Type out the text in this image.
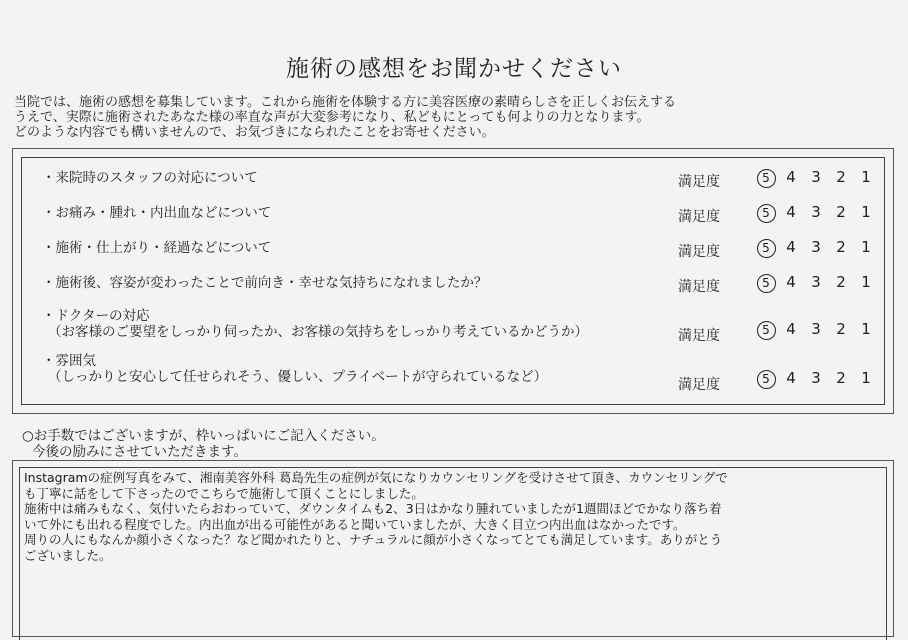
施術の感想をお聞かせください
当院では、施術の感想を募集しています。これから施術を体験する方に美容医療の素晴らしさを正しくお伝えする
うえで、実際に施術されたあなた様の率直な声が大変参考になり、私どもにとっても何よりの力となります。
どのような内容でも構いませんので、お気づきになられたことをお寄せください。
・来院時のスタッフの対応について	満足度	5	4	3	2	1
・お痛み・腫れ・内出血などについて	満足度	5	4	3	2	1
・施術・仕上がり・経過などについて	満足度	5	4	3	2	1
・施術後、容姿が変わったことで前向き・幸せな気持ちになれましたか？	満足度	5	4	3	2	1
・ドクターの対応
（お客様のご要望をしっかり伺ったか、お客様の気持ちをしっかり考えているかどうか）	満足度	5	4	3	2	1
・雰囲気
（しっかりと安心して任せられそう、優しい、プライベートが守られているなど）	満足度	5	4	3	2	1
○お手数ではございますが、枠いっぱいにご記入ください。
今後の励みにさせていただきます。
Instagramの症例写真をみて、湘南美容外科 葛島先生の症例が気になりカウンセリングを受けさせて頂き、カウンセリングで
も丁寧に話をして下さったのでこちらで施術して頂くことにしました。
施術中は痛みもなく、気付いたらおわっていて、ダウンタイムも2、3日はかなり腫れていましたが1週間ほどでかなり落ち着
いて外にも出れる程度でした。内出血が出る可能性があると聞いていましたが、大きく目立つ内出血はなかったです。
周りの人にもなんか顔小さくなった？など聞かれたりと、ナチュラルに顔が小さくなってとても満足しています。ありがとう
ございました。
